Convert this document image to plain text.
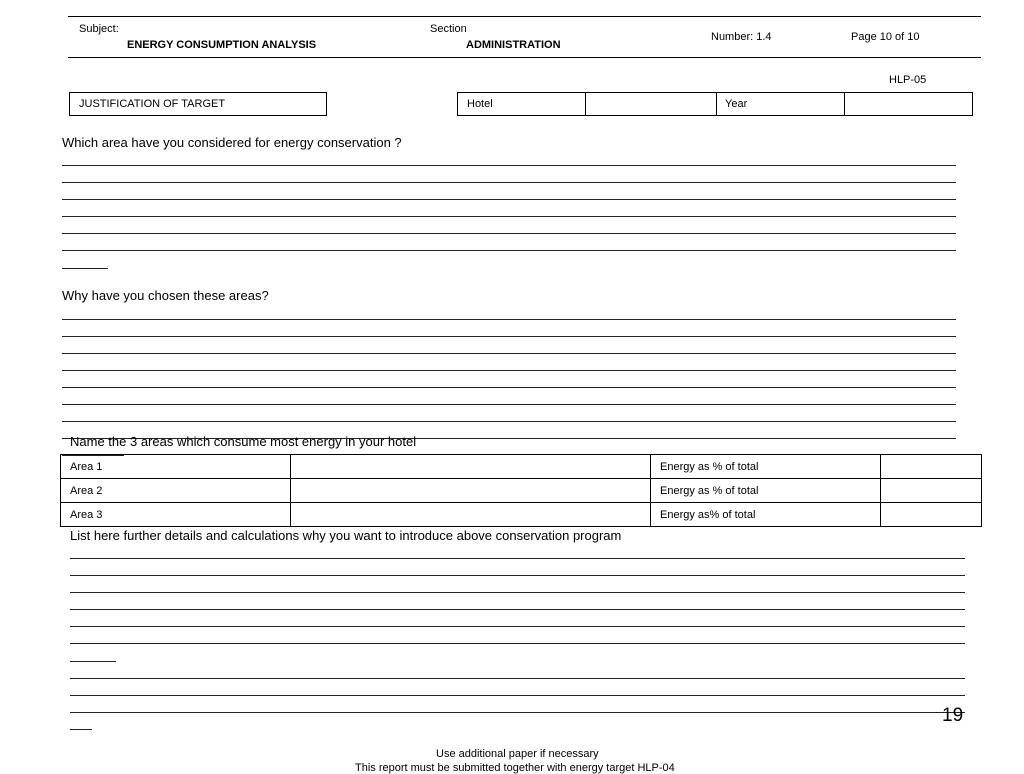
Subject:
ENERGY CONSUMPTION ANALYSIS
Section
ADMINISTRATION
Number: 1.4	Page 10 of 10
HLP-05
JUSTIFICATION OF TARGET	Hotel	Year
Which area have you considered for energy conservation ?
Why have you chosen these areas?
Name the 3 areas which consume most energy in your hotel
Area 1		Energy as % of total	
Area 2		Energy as % of total	
Area 3		Energy as% of total	
List here further details and calculations why you want to introduce above conservation program
19
Use additional paper if necessary
This report must be submitted together with energy target HLP-04
